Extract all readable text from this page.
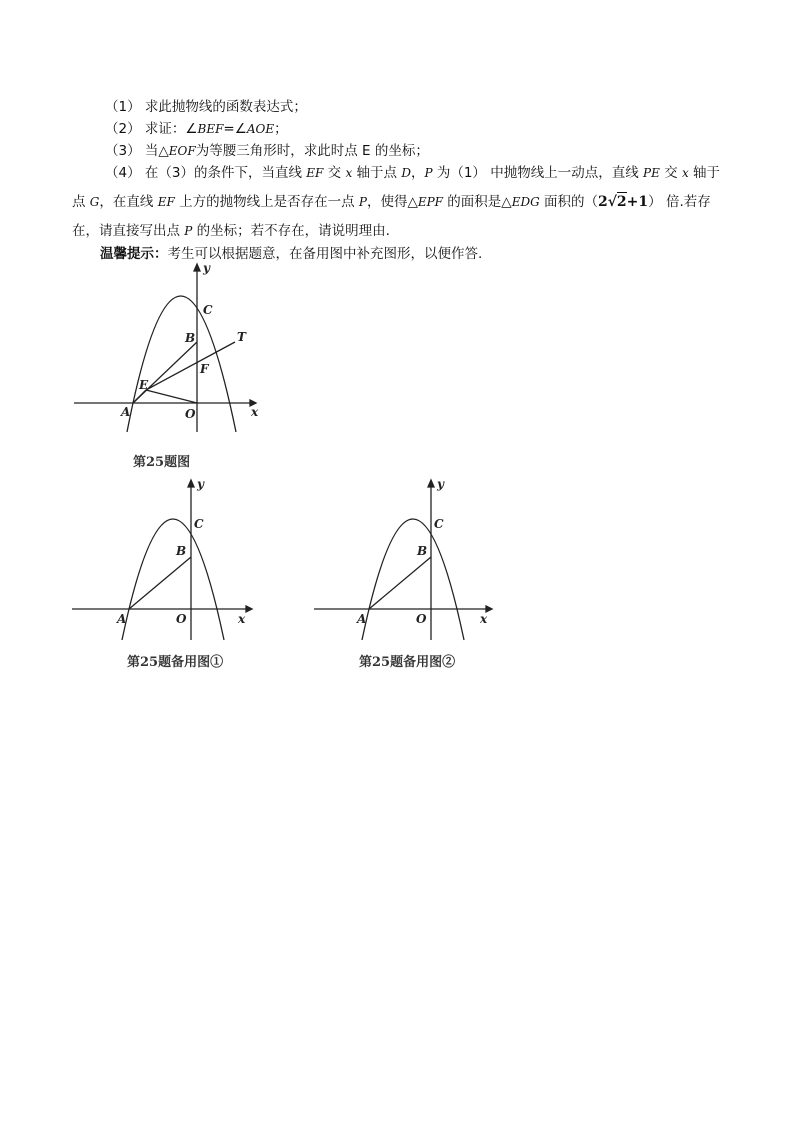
（1） 求此抛物线的函数表达式；
（2） 求证：∠BEF=∠AOE；
（3） 当△EOF为等腰三角形时，求此时点 E 的坐标；
（4） 在（3）的条件下，当直线 EF 交 x 轴于点 D，P 为（1） 中抛物线上一动点，直线 PE 交 x 轴于
点 G，在直线 EF 上方的抛物线上是否存在一点 P，使得△EPF 的面积是△EDG 面积的（2√2+1） 倍.若存
在，请直接写出点 P 的坐标；若不存在，请说明理由.
温馨提示：考生可以根据题意，在备用图中补充图形，以便作答.
y
x
C
B	T
E
F
A	O
第25题图
y
x
C
B
A	O
第25题备用图①
y
x
C
B
A	O
第25题备用图②
